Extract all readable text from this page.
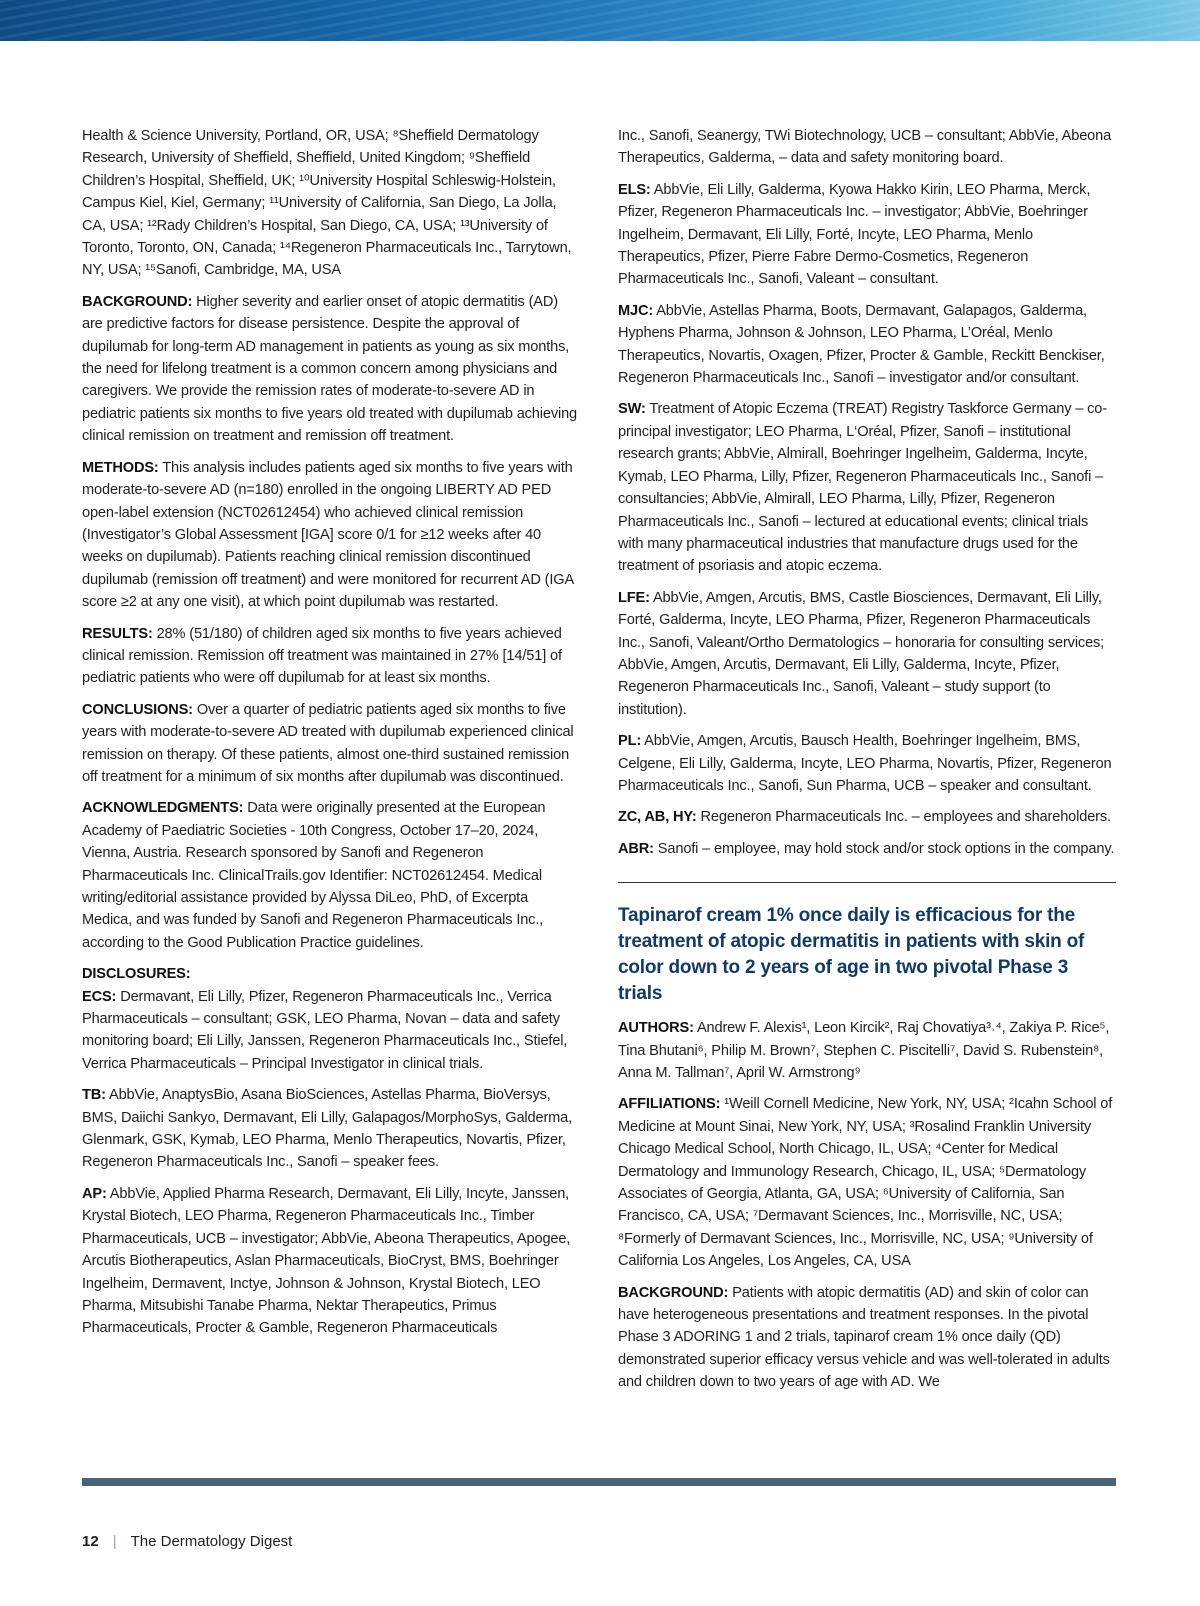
Health & Science University, Portland, OR, USA; ⁸Sheffield Dermatology Research, University of Sheffield, Sheffield, United Kingdom; ⁹Sheffield Children’s Hospital, Sheffield, UK; ¹⁰University Hospital Schleswig-Holstein, Campus Kiel, Kiel, Germany; ¹¹University of California, San Diego, La Jolla, CA, USA; ¹²Rady Children’s Hospital, San Diego, CA, USA; ¹³University of Toronto, Toronto, ON, Canada; ¹⁴Regeneron Pharmaceuticals Inc., Tarrytown, NY, USA; ¹⁵Sanofi, Cambridge, MA, USA

BACKGROUND: Higher severity and earlier onset of atopic dermatitis (AD) are predictive factors for disease persistence. Despite the approval of dupilumab for long-term AD management in patients as young as six months, the need for lifelong treatment is a common concern among physicians and caregivers. We provide the remission rates of moderate-to-severe AD in pediatric patients six months to five years old treated with dupilumab achieving clinical remission on treatment and remission off treatment.

METHODS: This analysis includes patients aged six months to five years with moderate-to-severe AD (n=180) enrolled in the ongoing LIBERTY AD PED open-label extension (NCT02612454) who achieved clinical remission (Investigator’s Global Assessment [IGA] score 0/1 for ≥12 weeks after 40 weeks on dupilumab). Patients reaching clinical remission discontinued dupilumab (remission off treatment) and were monitored for recurrent AD (IGA score ≥2 at any one visit), at which point dupilumab was restarted.

RESULTS: 28% (51/180) of children aged six months to five years achieved clinical remission. Remission off treatment was maintained in 27% [14/51] of pediatric patients who were off dupilumab for at least six months.

CONCLUSIONS: Over a quarter of pediatric patients aged six months to five years with moderate-to-severe AD treated with dupilumab experienced clinical remission on therapy. Of these patients, almost one-third sustained remission off treatment for a minimum of six months after dupilumab was discontinued.

ACKNOWLEDGMENTS: Data were originally presented at the European Academy of Paediatric Societies - 10th Congress, October 17–20, 2024, Vienna, Austria. Research sponsored by Sanofi and Regeneron Pharmaceuticals Inc. ClinicalTrails.gov Identifier: NCT02612454. Medical writing/editorial assistance provided by Alyssa DiLeo, PhD, of Excerpta Medica, and was funded by Sanofi and Regeneron Pharmaceuticals Inc., according to the Good Publication Practice guidelines.

DISCLOSURES:

ECS: Dermavant, Eli Lilly, Pfizer, Regeneron Pharmaceuticals Inc., Verrica Pharmaceuticals – consultant; GSK, LEO Pharma, Novan – data and safety monitoring board; Eli Lilly, Janssen, Regeneron Pharmaceuticals Inc., Stiefel, Verrica Pharmaceuticals – Principal Investigator in clinical trials.

TB: AbbVie, AnaptysBio, Asana BioSciences, Astellas Pharma, BioVersys, BMS, Daiichi Sankyo, Dermavant, Eli Lilly, Galapagos/MorphoSys, Galderma, Glenmark, GSK, Kymab, LEO Pharma, Menlo Therapeutics, Novartis, Pfizer, Regeneron Pharmaceuticals Inc., Sanofi – speaker fees.

AP: AbbVie, Applied Pharma Research, Dermavant, Eli Lilly, Incyte, Janssen, Krystal Biotech, LEO Pharma, Regeneron Pharmaceuticals Inc., Timber Pharmaceuticals, UCB – investigator; AbbVie, Abeona Therapeutics, Apogee, Arcutis Biotherapeutics, Aslan Pharmaceuticals, BioCryst, BMS, Boehringer Ingelheim, Dermavent, Inctye, Johnson & Johnson, Krystal Biotech, LEO Pharma, Mitsubishi Tanabe Pharma, Nektar Therapeutics, Primus Pharmaceuticals, Procter & Gamble, Regeneron Pharmaceuticals

Inc., Sanofi, Seanergy, TWi Biotechnology, UCB – consultant; AbbVie, Abeona Therapeutics, Galderma, – data and safety monitoring board.

ELS: AbbVie, Eli Lilly, Galderma, Kyowa Hakko Kirin, LEO Pharma, Merck, Pfizer, Regeneron Pharmaceuticals Inc. – investigator; AbbVie, Boehringer Ingelheim, Dermavant, Eli Lilly, Forté, Incyte, LEO Pharma, Menlo Therapeutics, Pfizer, Pierre Fabre Dermo-Cosmetics, Regeneron Pharmaceuticals Inc., Sanofi, Valeant – consultant.

MJC: AbbVie, Astellas Pharma, Boots, Dermavant, Galapagos, Galderma, Hyphens Pharma, Johnson & Johnson, LEO Pharma, L’Oréal, Menlo Therapeutics, Novartis, Oxagen, Pfizer, Procter & Gamble, Reckitt Benckiser, Regeneron Pharmaceuticals Inc., Sanofi – investigator and/or consultant.

SW: Treatment of Atopic Eczema (TREAT) Registry Taskforce Germany – co-principal investigator; LEO Pharma, L‘Oréal, Pfizer, Sanofi – institutional research grants; AbbVie, Almirall, Boehringer Ingelheim, Galderma, Incyte, Kymab, LEO Pharma, Lilly, Pfizer, Regeneron Pharmaceuticals Inc., Sanofi – consultancies; AbbVie, Almirall, LEO Pharma, Lilly, Pfizer, Regeneron Pharmaceuticals Inc., Sanofi – lectured at educational events; clinical trials with many pharmaceutical industries that manufacture drugs used for the treatment of psoriasis and atopic eczema.

LFE: AbbVie, Amgen, Arcutis, BMS, Castle Biosciences, Dermavant, Eli Lilly, Forté, Galderma, Incyte, LEO Pharma, Pfizer, Regeneron Pharmaceuticals Inc., Sanofi, Valeant/Ortho Dermatologics – honoraria for consulting services; AbbVie, Amgen, Arcutis, Dermavant, Eli Lilly, Galderma, Incyte, Pfizer, Regeneron Pharmaceuticals Inc., Sanofi, Valeant – study support (to institution).

PL: AbbVie, Amgen, Arcutis, Bausch Health, Boehringer Ingelheim, BMS, Celgene, Eli Lilly, Galderma, Incyte, LEO Pharma, Novartis, Pfizer, Regeneron Pharmaceuticals Inc., Sanofi, Sun Pharma, UCB – speaker and consultant.

ZC, AB, HY: Regeneron Pharmaceuticals Inc. – employees and shareholders.

ABR: Sanofi – employee, may hold stock and/or stock options in the company.

Tapinarof cream 1% once daily is efficacious for the treatment of atopic dermatitis in patients with skin of color down to 2 years of age in two pivotal Phase 3 trials

AUTHORS: Andrew F. Alexis¹, Leon Kircik², Raj Chovatiya³˒⁴, Zakiya P. Rice⁵, Tina Bhutani⁶, Philip M. Brown⁷, Stephen C. Piscitelli⁷, David S. Rubenstein⁸, Anna M. Tallman⁷, April W. Armstrong⁹

AFFILIATIONS: ¹Weill Cornell Medicine, New York, NY, USA; ²Icahn School of Medicine at Mount Sinai, New York, NY, USA; ³Rosalind Franklin University Chicago Medical School, North Chicago, IL, USA; ⁴Center for Medical Dermatology and Immunology Research, Chicago, IL, USA; ⁵Dermatology Associates of Georgia, Atlanta, GA, USA; ⁶University of California, San Francisco, CA, USA; ⁷Dermavant Sciences, Inc., Morrisville, NC, USA; ⁸Formerly of Dermavant Sciences, Inc., Morrisville, NC, USA; ⁹University of California Los Angeles, Los Angeles, CA, USA

BACKGROUND: Patients with atopic dermatitis (AD) and skin of color can have heterogeneous presentations and treatment responses. In the pivotal Phase 3 ADORING 1 and 2 trials, tapinarof cream 1% once daily (QD) demonstrated superior efficacy versus vehicle and was well-tolerated in adults and children down to two years of age with AD. We

12 | The Dermatology Digest
